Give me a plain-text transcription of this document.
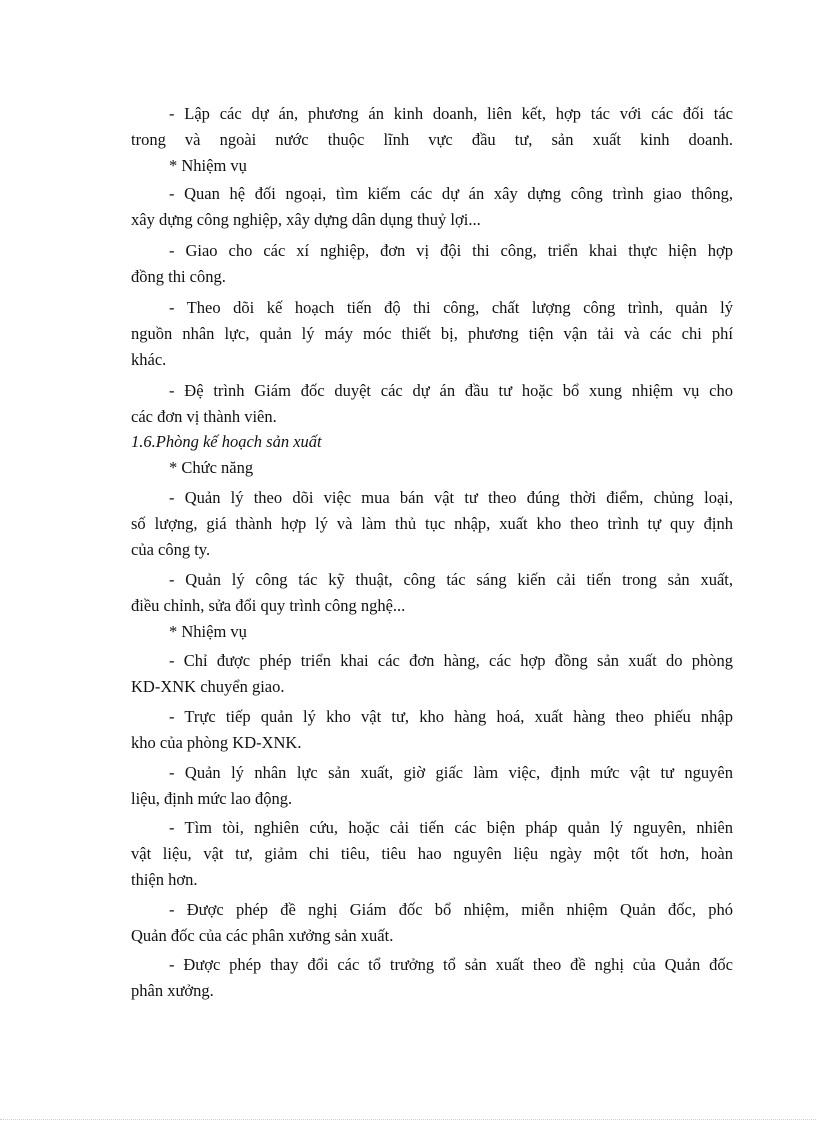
‑ Lập các dự án, phương án kinh doanh, liên kết, hợp tác với các đối tác
trong và ngoài nước thuộc lĩnh vực đầu tư, sản xuất kinh doanh.
* Nhiệm vụ
‑ Quan hệ đối ngoại, tìm kiếm các dự án xây dựng công trình giao thông,
xây dựng công nghiệp, xây dựng dân dụng thuỷ lợi...
‑ Giao cho các xí nghiệp, đơn vị đội thi công, triển khai thực hiện hợp
đồng thi công.
‑ Theo dõi kế hoạch tiến độ thi công, chất lượng công trình, quản lý
nguồn nhân lực, quản lý máy móc thiết bị, phương tiện vận tải và các chi phí
khác.
‑ Đệ trình Giám đốc duyệt các dự án đầu tư hoặc bổ xung nhiệm vụ cho
các đơn vị thành viên.
1.6.Phòng kế hoạch sản xuất
* Chức năng
‑ Quản lý theo dõi việc mua bán vật tư theo đúng thời điểm, chủng loại,
số lượng, giá thành hợp lý và làm thủ tục nhập, xuất kho theo trình tự quy định
của công ty.
‑ Quản lý công tác kỹ thuật, công tác sáng kiến cải tiến trong sản xuất,
điều chỉnh, sửa đổi quy trình công nghệ...
* Nhiệm vụ
‑ Chỉ được phép triển khai các đơn hàng, các hợp đồng sản xuất do phòng
KD-XNK chuyển giao.
‑ Trực tiếp quản lý kho vật tư, kho hàng hoá, xuất hàng theo phiếu nhập
kho của phòng KD-XNK.
‑ Quản lý nhân lực sản xuất, giờ giấc làm việc, định mức vật tư nguyên
liệu, định mức lao động.
‑ Tìm tòi, nghiên cứu, hoặc cải tiến các biện pháp quản lý nguyên, nhiên
vật liệu, vật tư, giảm chi tiêu, tiêu hao nguyên liệu ngày một tốt hơn, hoàn
thiện hơn.
‑ Được phép đề nghị Giám đốc bổ nhiệm, miễn nhiệm Quản đốc, phó
Quản đốc của các phân xưởng sản xuất.
‑ Được phép thay đổi các tổ trưởng tổ sản xuất theo đề nghị của Quản đốc
phân xưởng.
